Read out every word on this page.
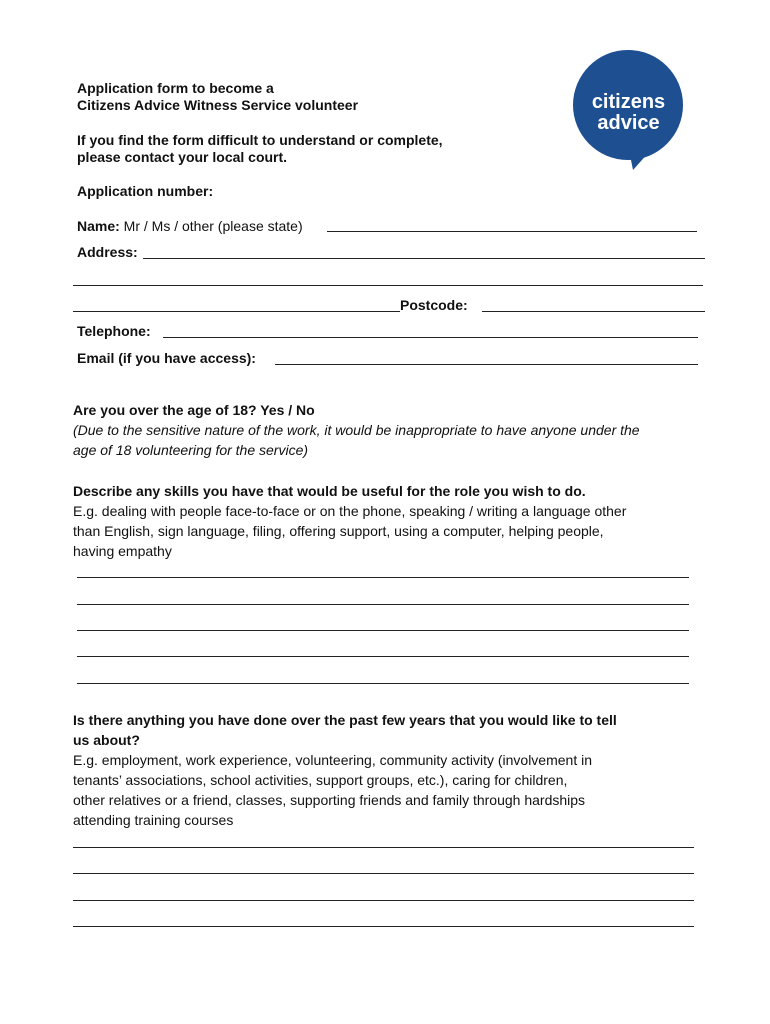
Application form to become a
Citizens Advice Witness Service volunteer
If you find the form difficult to understand or complete,
please contact your local court.
citizens
advice
Application number:
Name: Mr / Ms / other (please state)
Address:
Postcode:
Telephone:
Email (if you have access):
Are you over the age of 18? Yes / No
(Due to the sensitive nature of the work, it would be inappropriate to have anyone under the
age of 18 volunteering for the service)
Describe any skills you have that would be useful for the role you wish to do.
E.g. dealing with people face-to-face or on the phone, speaking / writing a language other
than English, sign language, filing, offering support, using a computer, helping people,
having empathy
Is there anything you have done over the past few years that you would like to tell
us about?
E.g. employment, work experience, volunteering, community activity (involvement in
tenants’ associations, school activities, support groups, etc.), caring for children,
other relatives or a friend, classes, supporting friends and family through hardships
attending training courses
